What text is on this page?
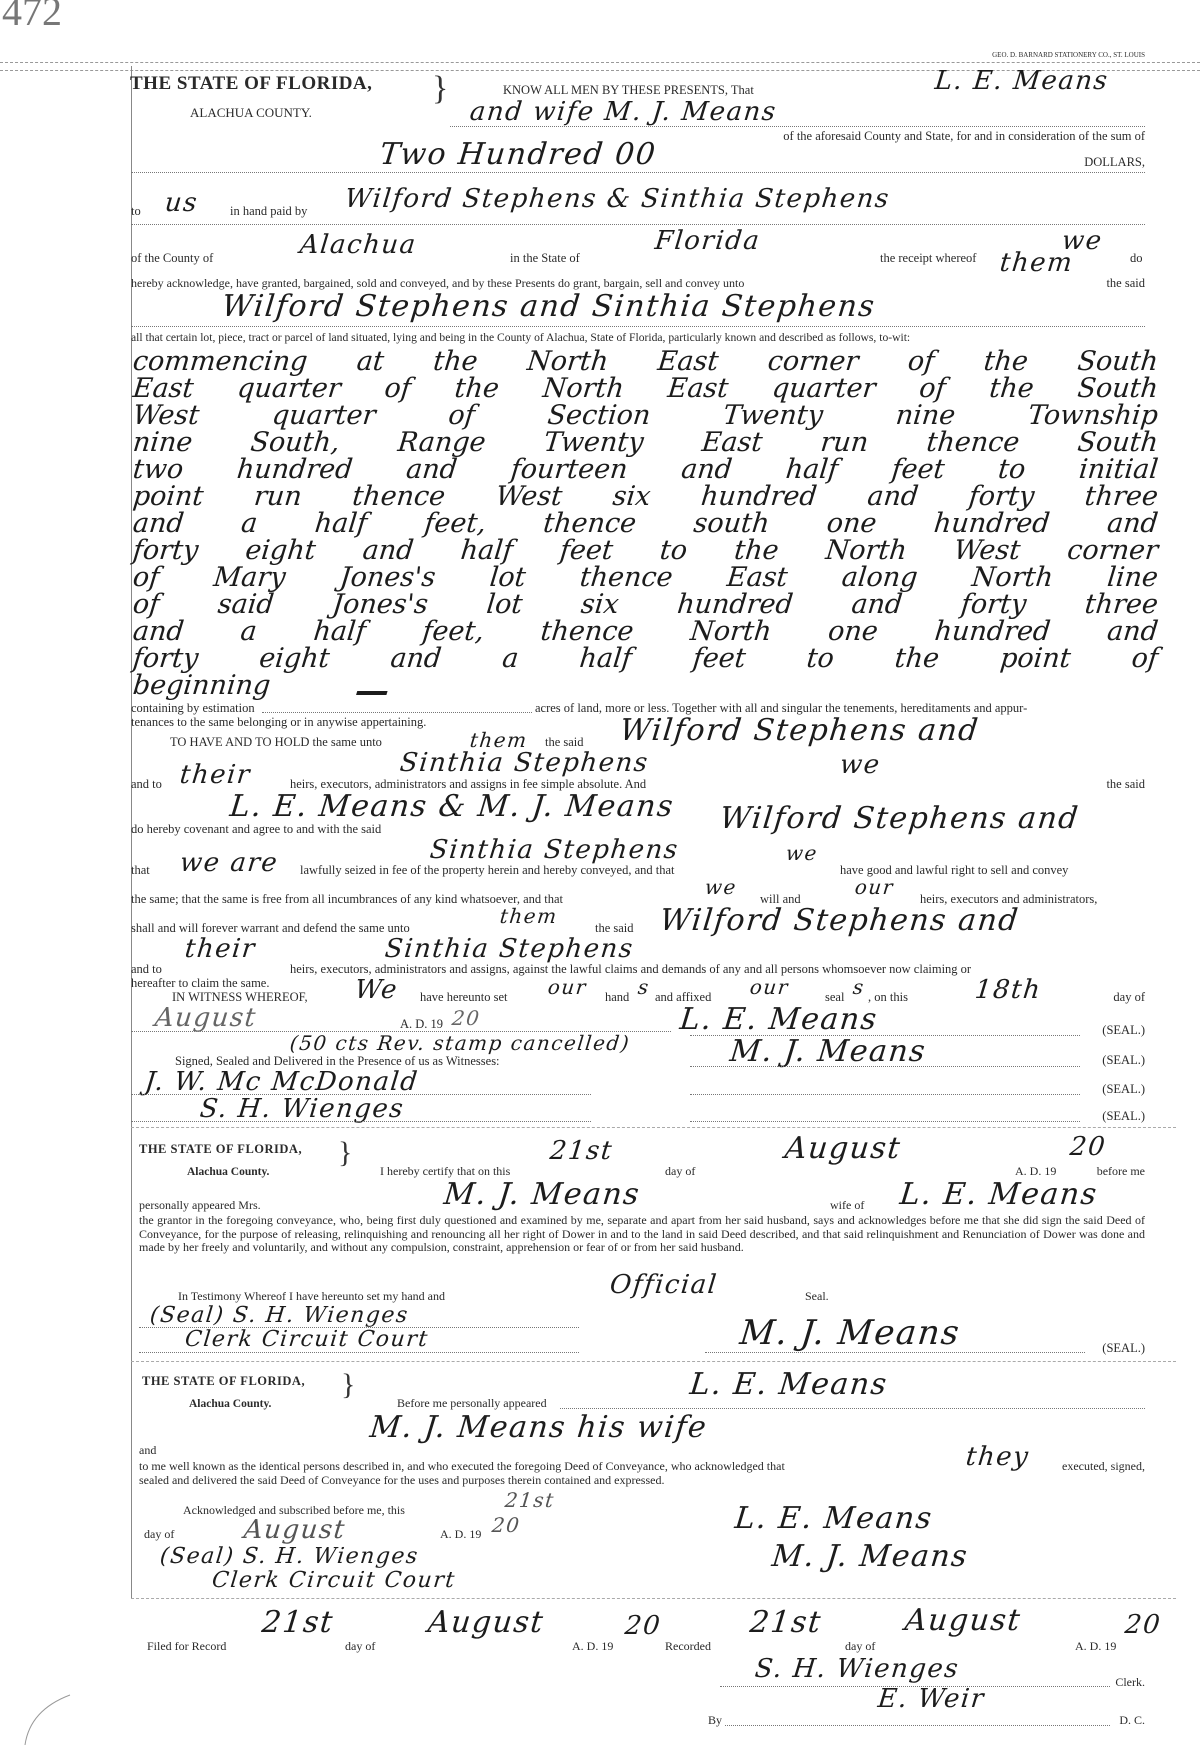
472
GEO. D. BARNARD STATIONERY CO., ST. LOUIS
THE STATE OF FLORIDA, }
ALACHUA COUNTY.
KNOW ALL MEN BY THESE PRESENTS, That	L. E. Means
and wife M. J. Means
of the aforesaid County and State, for and in consideration of the sum of
Two Hundred 00	DOLLARS,
to us in hand paid by Wilford Stephens & Sinthia Stephens
of the County of	Alachua	in the State of
Florida
the receipt whereof
we
do
hereby acknowledge, have granted, bargained, sold and conveyed, and by these Presents do grant, bargain, sell and convey unto
them
the said
Wilford Stephens and Sinthia Stephens
all that certain lot, piece, tract or parcel of land situated, lying and being in the County of Alachua, State of Florida, particularly known and described as follows, to-wit:
commencing at the North East corner of the South
East quarter of the North East quarter of the South
West quarter of Section Twenty nine Township
nine South, Range Twenty East run thence South
two hundred and fourteen and half feet to initial
point run thence West six hundred and forty three
and a half feet, thence south one hundred and
forty eight and half feet to the North West corner
of Mary Jones's lot thence East along North line
of said Jones's lot six hundred and forty three
and a half feet, thence North one hundred and
forty eight and a half feet to the point of
beginning	—
containing by estimation	acres of land, more or less. Together with all and singular the tenements, hereditaments and appur-
tenances to the same belonging or in anywise appertaining.
TO HAVE AND TO HOLD the same unto	them the said Wilford Stephens and
Sinthia Stephens
and to their	heirs, executors, administrators and assigns in fee simple absolute. And
we
the said
L. E. Means & M. J. Means
do hereby covenant and agree to and with the said	Wilford Stephens and
Sinthia Stephens
that we are lawfully seized in fee of the property herein and hereby conveyed, and that
we
have good and lawful right to sell and convey
the same; that the same is free from all incumbrances of any kind whatsoever, and that	we will and	our heirs, executors and administrators,
shall and will forever warrant and defend the same unto	them	the said Wilford Stephens and
Sinthia Stephens
and to
their
heirs, executors, administrators and assigns, against the lawful claims and demands of any and all persons whomsoever now claiming or
hereafter to claim the same.
IN WITNESS WHEREOF, We have hereunto set our hand s and affixed our	seal s , on this	18th	day of
August	A. D. 19 20	L. E. Means	(SEAL.)
(50 cts Rev. stamp cancelled)	M. J. Means	(SEAL.)
Signed, Sealed and Delivered in the Presence of us as Witnesses:
J. W. Mc McDonald	(SEAL.)
S. H. Wienges	(SEAL.)
THE STATE OF FLORIDA, }
Alachua County.	I hereby certify that on this
21st
day of
August
A. D. 19
20
before me
personally appeared Mrs.	M. J. Means	wife of L. E. Means
the grantor in the foregoing conveyance, who, being first duly questioned and examined by me, separate and apart from her said husband, says and acknowledges before me that she did sign the said Deed of Conveyance, for the purpose of releasing, relinquishing and renouncing all her right of Dower in and to the land in said Deed described, and that said relinquishment and Renunciation of Dower was done and made by her freely and voluntarily, and without any compulsion, constraint, apprehension or fear of or from her said husband.
In Testimony Whereof I have hereunto set my hand and	Official	Seal.
(Seal) S. H. Wienges
Clerk Circuit Court	M. J. Means	(SEAL.)
THE STATE OF FLORIDA, }
Alachua County.	Before me personally appeared
L. E. Means
M. J. Means his wife
and
to me well known as the identical persons described in, and who executed the foregoing Deed of Conveyance, who acknowledged that	they	executed, signed,
sealed and delivered the said Deed of Conveyance for the uses and purposes therein contained and expressed.
Acknowledged and subscribed before me, this	21st
day of	August	A. D. 19 20
(Seal) S. H. Wienges
Clerk Circuit Court
L. E. Means
M. J. Means
Filed for Record
21st
day of
August
A. D. 19
20
Recorded
21st
day of
August
A. D. 19
20
S. H. Wienges	Clerk.
By
E. Weir
D. C.
